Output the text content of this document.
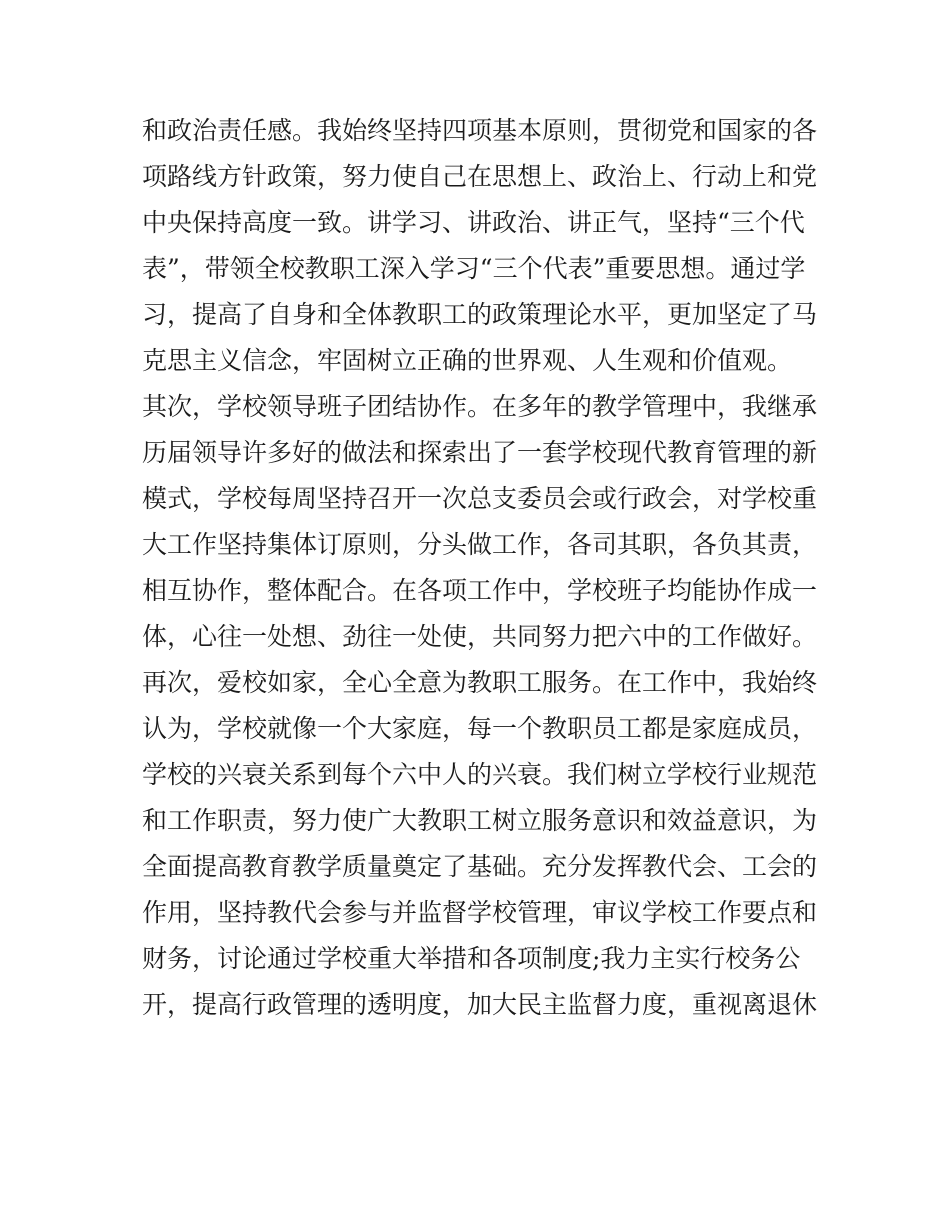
和政治责任感。我始终坚持四项基本原则，贯彻党和国家的各
项路线方针政策，努力使自己在思想上、政治上、行动上和党
中央保持高度一致。讲学习、讲政治、讲正气，坚持“三个代
表”，带领全校教职工深入学习“三个代表”重要思想。通过学
习，提高了自身和全体教职工的政策理论水平，更加坚定了马
克思主义信念，牢固树立正确的世界观、人生观和价值观。
其次，学校领导班子团结协作。在多年的教学管理中，我继承
历届领导许多好的做法和探索出了一套学校现代教育管理的新
模式，学校每周坚持召开一次总支委员会或行政会，对学校重
大工作坚持集体订原则，分头做工作，各司其职，各负其责，
相互协作，整体配合。在各项工作中，学校班子均能协作成一
体，心往一处想、劲往一处使，共同努力把六中的工作做好。
再次，爱校如家，全心全意为教职工服务。在工作中，我始终
认为，学校就像一个大家庭，每一个教职员工都是家庭成员，
学校的兴衰关系到每个六中人的兴衰。我们树立学校行业规范
和工作职责，努力使广大教职工树立服务意识和效益意识，为
全面提高教育教学质量奠定了基础。充分发挥教代会、工会的
作用，坚持教代会参与并监督学校管理，审议学校工作要点和
财务，讨论通过学校重大举措和各项制度;我力主实行校务公
开，提高行政管理的透明度，加大民主监督力度，重视离退休
